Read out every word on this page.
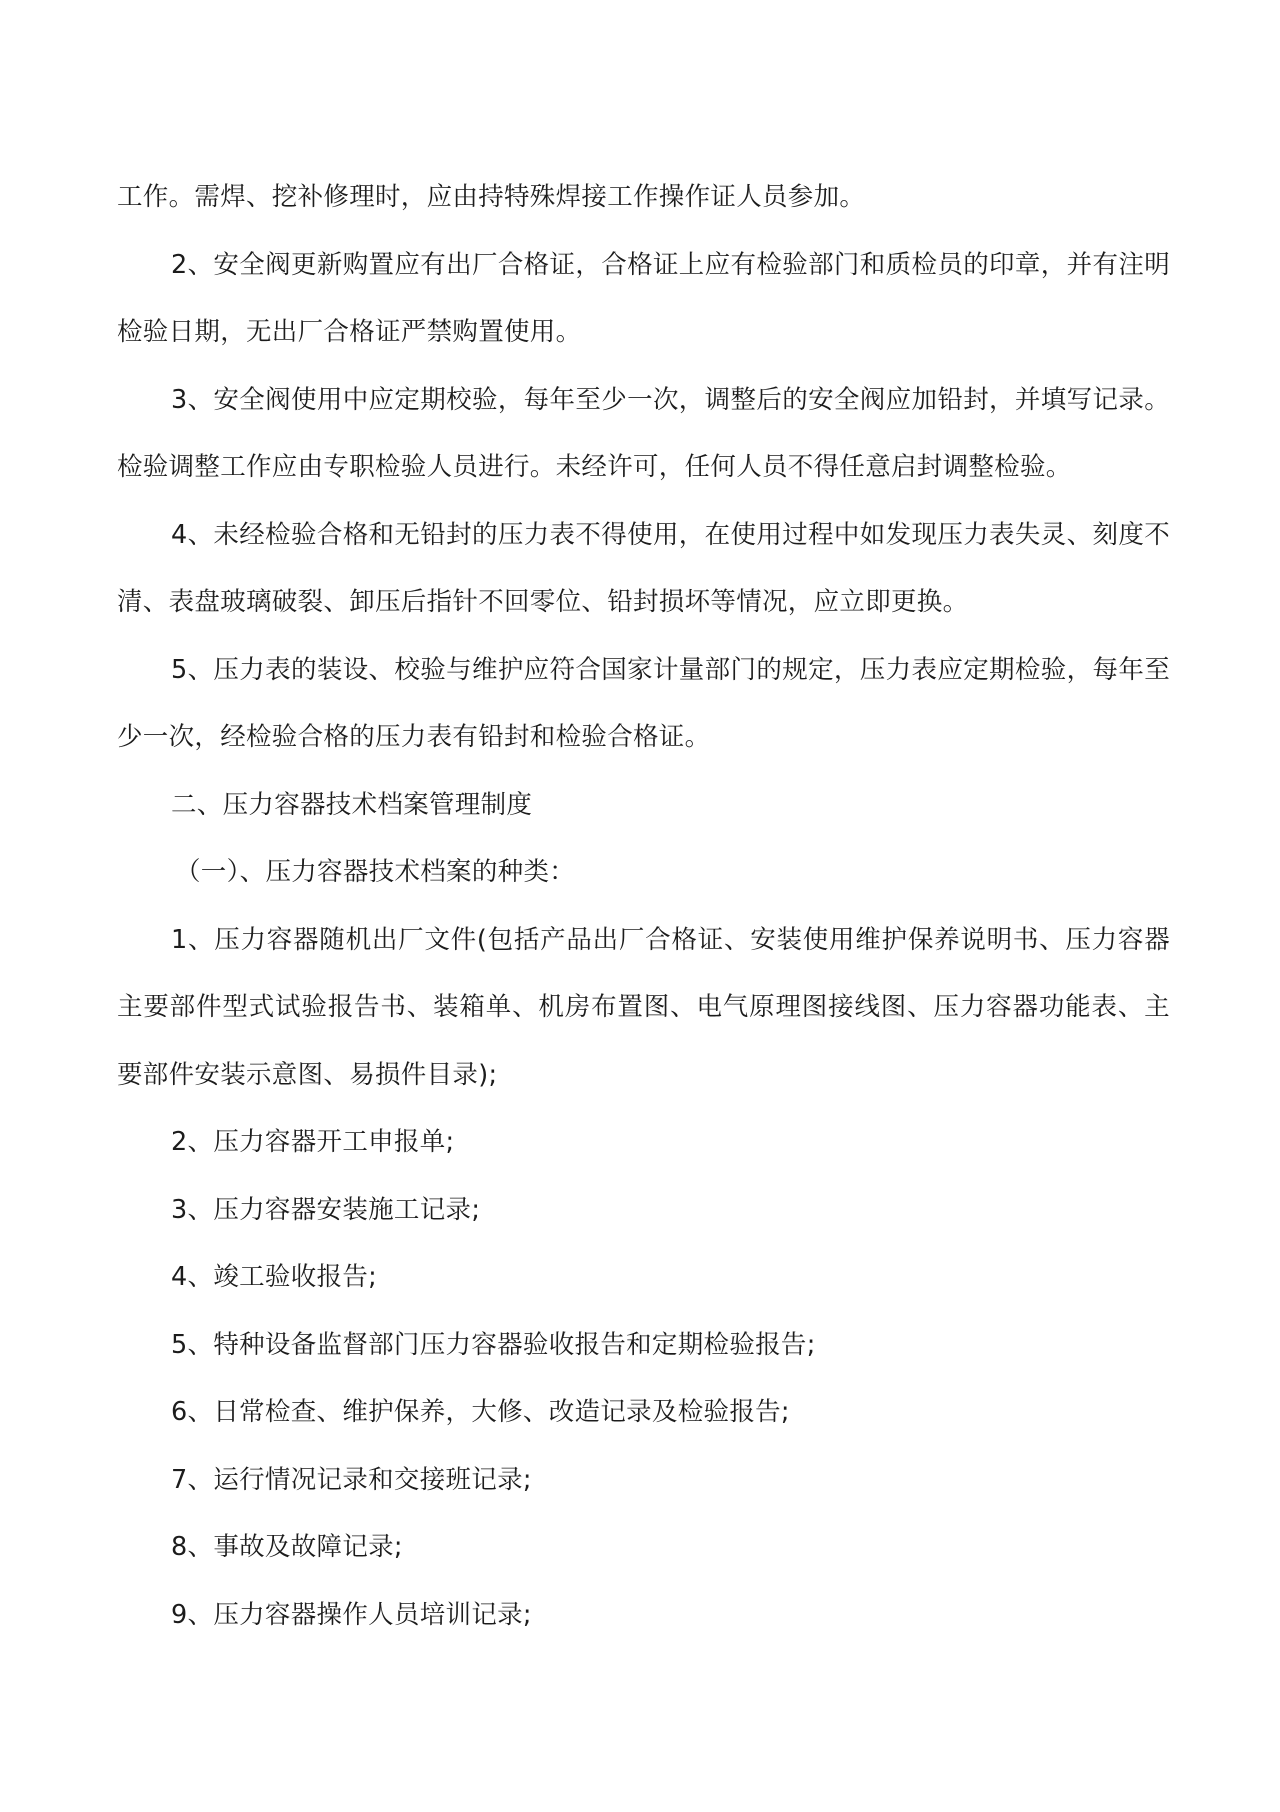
工作。需焊、挖补修理时，应由持特殊焊接工作操作证人员参加。

2、安全阀更新购置应有出厂合格证，合格证上应有检验部门和质检员的印章，并有注明检验日期，无出厂合格证严禁购置使用。

3、安全阀使用中应定期校验，每年至少一次，调整后的安全阀应加铅封，并填写记录。检验调整工作应由专职检验人员进行。未经许可，任何人员不得任意启封调整检验。

4、未经检验合格和无铅封的压力表不得使用，在使用过程中如发现压力表失灵、刻度不清、表盘玻璃破裂、卸压后指针不回零位、铅封损坏等情况，应立即更换。

5、压力表的装设、校验与维护应符合国家计量部门的规定，压力表应定期检验，每年至少一次，经检验合格的压力表有铅封和检验合格证。

二、压力容器技术档案管理制度

（一）、压力容器技术档案的种类：

1、压力容器随机出厂文件(包括产品出厂合格证、安装使用维护保养说明书、压力容器主要部件型式试验报告书、装箱单、机房布置图、电气原理图接线图、压力容器功能表、主要部件安装示意图、易损件目录);

2、压力容器开工申报单;

3、压力容器安装施工记录;

4、竣工验收报告;

5、特种设备监督部门压力容器验收报告和定期检验报告;

6、日常检查、维护保养，大修、改造记录及检验报告;

7、运行情况记录和交接班记录;

8、事故及故障记录;

9、压力容器操作人员培训记录;
